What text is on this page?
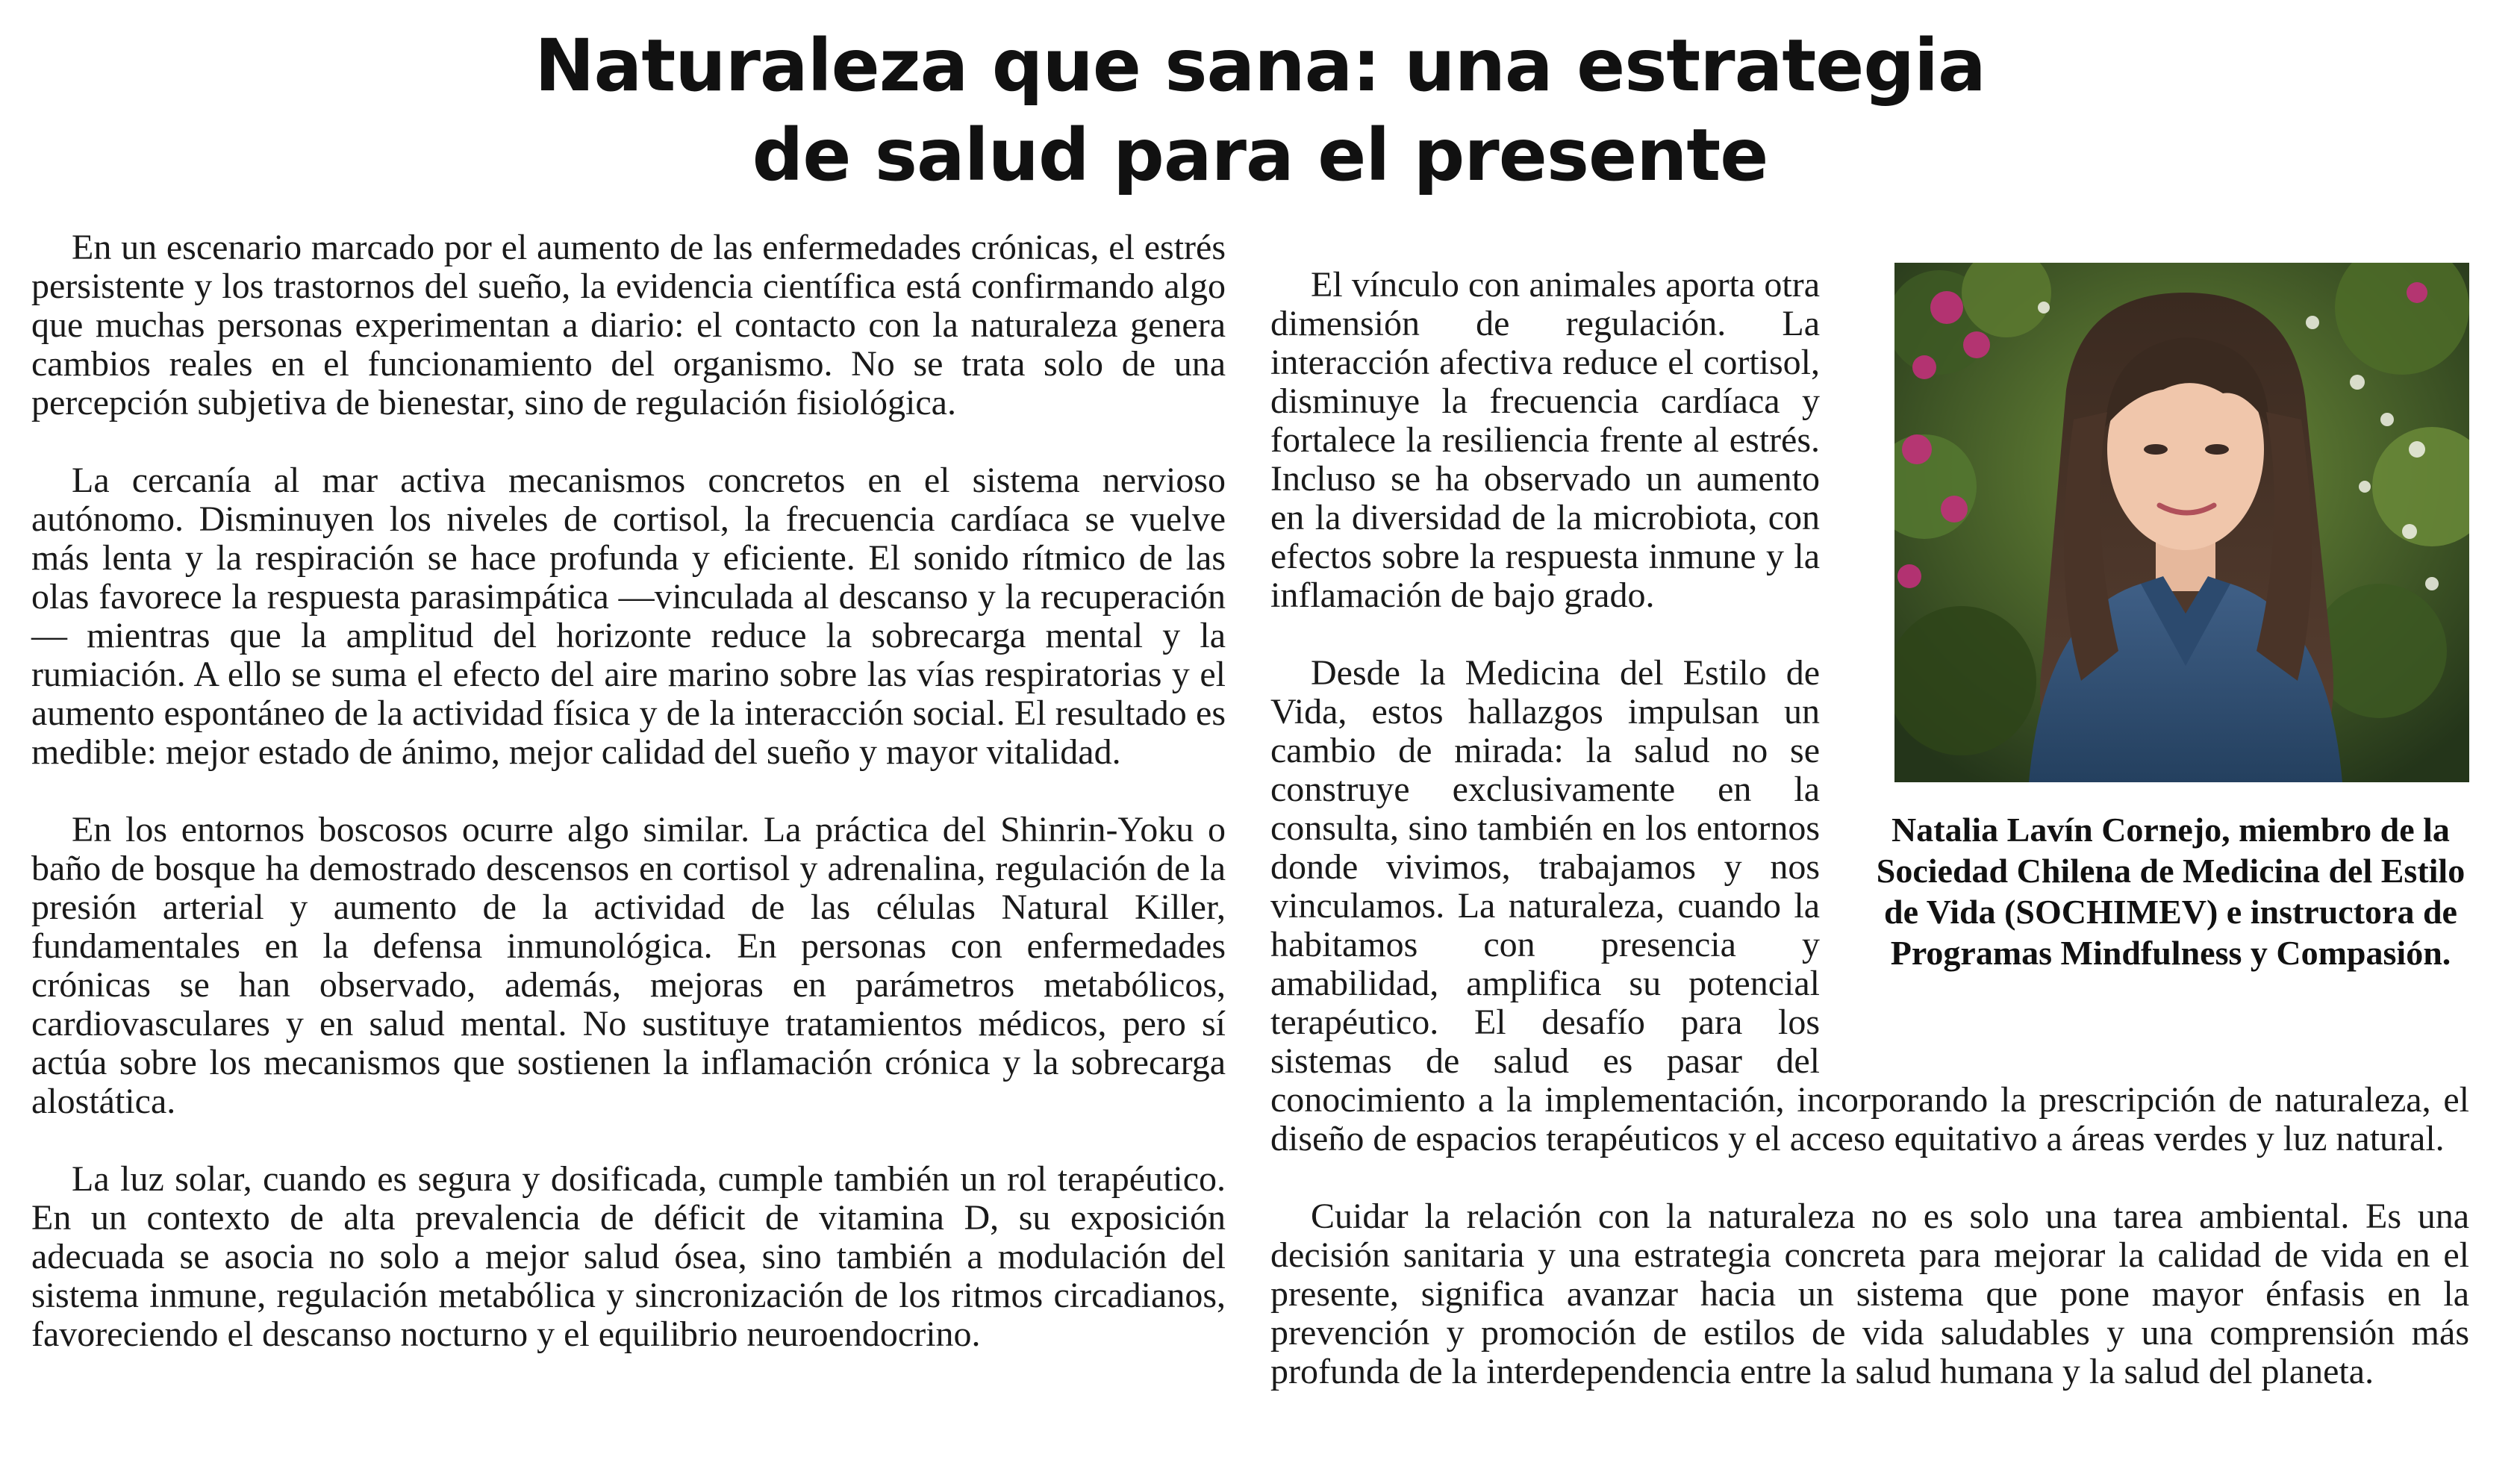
Naturaleza que sana: una estrategia
de salud para el presente

En un escenario marcado por el aumento de las enfermedades crónicas, el estrés persistente y los trastornos del sueño, la evidencia científica está confirmando algo que muchas personas experimentan a diario: el contacto con la naturaleza genera cambios reales en el funcionamiento del organismo. No se trata solo de una percepción subjetiva de bienestar, sino de regulación fisiológica.

La cercanía al mar activa mecanismos concretos en el sistema nervioso autónomo. Disminuyen los niveles de cortisol, la frecuencia cardíaca se vuelve más lenta y la respiración se hace profunda y eficiente. El sonido rítmico de las olas favorece la respuesta parasimpática —vinculada al descanso y la recuperación— mientras que la amplitud del horizonte reduce la sobrecarga mental y la rumiación. A ello se suma el efecto del aire marino sobre las vías respiratorias y el aumento espontáneo de la actividad física y de la interacción social. El resultado es medible: mejor estado de ánimo, mejor calidad del sueño y mayor vitalidad.

En los entornos boscosos ocurre algo similar. La práctica del Shinrin-Yoku o baño de bosque ha demostrado descensos en cortisol y adrenalina, regulación de la presión arterial y aumento de la actividad de las células Natural Killer, fundamentales en la defensa inmunológica. En personas con enfermedades crónicas se han observado, además, mejoras en parámetros metabólicos, cardiovasculares y en salud mental. No sustituye tratamientos médicos, pero sí actúa sobre los mecanismos que sostienen la inflamación crónica y la sobrecarga alostática.

La luz solar, cuando es segura y dosificada, cumple también un rol terapéutico. En un contexto de alta prevalencia de déficit de vitamina D, su exposición adecuada se asocia no solo a mejor salud ósea, sino también a modulación del sistema inmune, regulación metabólica y sincronización de los ritmos circadianos, favoreciendo el descanso nocturno y el equilibrio neuroendocrino.

Natalia Lavín Cornejo, miembro de la Sociedad Chilena de Medicina del Estilo de Vida (SOCHIMEV) e instructora de Programas Mindfulness y Compasión.

El vínculo con animales aporta otra dimensión de regulación. La interacción afectiva reduce el cortisol, disminuye la frecuencia cardíaca y fortalece la resiliencia frente al estrés. Incluso se ha observado un aumento en la diversidad de la microbiota, con efectos sobre la respuesta inmune y la inflamación de bajo grado.

Desde la Medicina del Estilo de Vida, estos hallazgos impulsan un cambio de mirada: la salud no se construye exclusivamente en la consulta, sino también en los entornos donde vivimos, trabajamos y nos vinculamos. La naturaleza, cuando la habitamos con presencia y amabilidad, amplifica su potencial terapéutico. El desafío para los sistemas de salud es pasar del conocimiento a la implementación, incorporando la prescripción de naturaleza, el diseño de espacios terapéuticos y el acceso equitativo a áreas verdes y luz natural.

Cuidar la relación con la naturaleza no es solo una tarea ambiental. Es una decisión sanitaria y una estrategia concreta para mejorar la calidad de vida en el presente, significa avanzar hacia un sistema que pone mayor énfasis en la prevención y promoción de estilos de vida saludables y una comprensión más profunda de la interdependencia entre la salud humana y la salud del planeta.
